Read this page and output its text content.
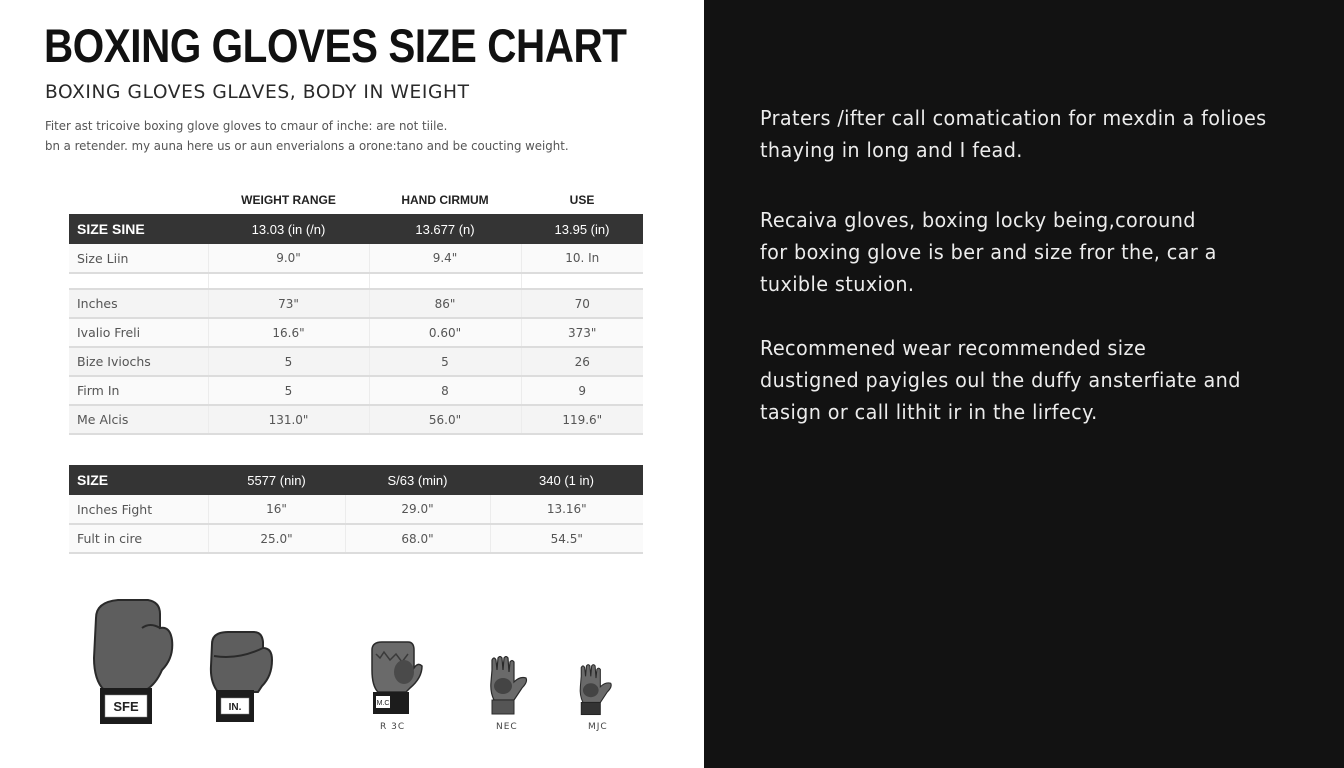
BOXING GLOVES SIZE CHART
BOXING GLOVES GLΔVES, BODY IN WEIGHT
Fiter ast tricoive boxing glove gloves to cmaur of inche: are not tiile.
bn a retender. my auna here us or aun enverialons a orone:tano and be coucting weight.
	WEIGHT RANGE	HAND CIRMUM	USE
SIZE SINE	13.03 (in (/n)	13.677 (n)	13.95 (in)
Size Liin	9.0"	9.4"	10. In

Inches	73"	86"	70
Ivalio Freli	16.6"	0.60"	373"
Bize Iviochs	5	5	26
Firm In	5	8	9
Me Alcis	131.0"	56.0"	119.6"
SIZE	5577 (nin)	S/63 (min)	340 (1 in)
Inches Fight	16"	29.0"	13.16"
Fult in cire	25.0"	68.0"	54.5"
SFE	IN.	M.C
R 3C	NEC	MJC
Praters /ifter call comatication for mexdin a folioes
thaying in long and I fead.
Recaiva gloves, boxing locky being,coround
for boxing glove is ber and size fror the, car a
tuxible stuxion.
Recommened wear recommended size
dustigned payigles oul the duffy ansterfiate and
tasign or call lithit ir in the lirfecy.
